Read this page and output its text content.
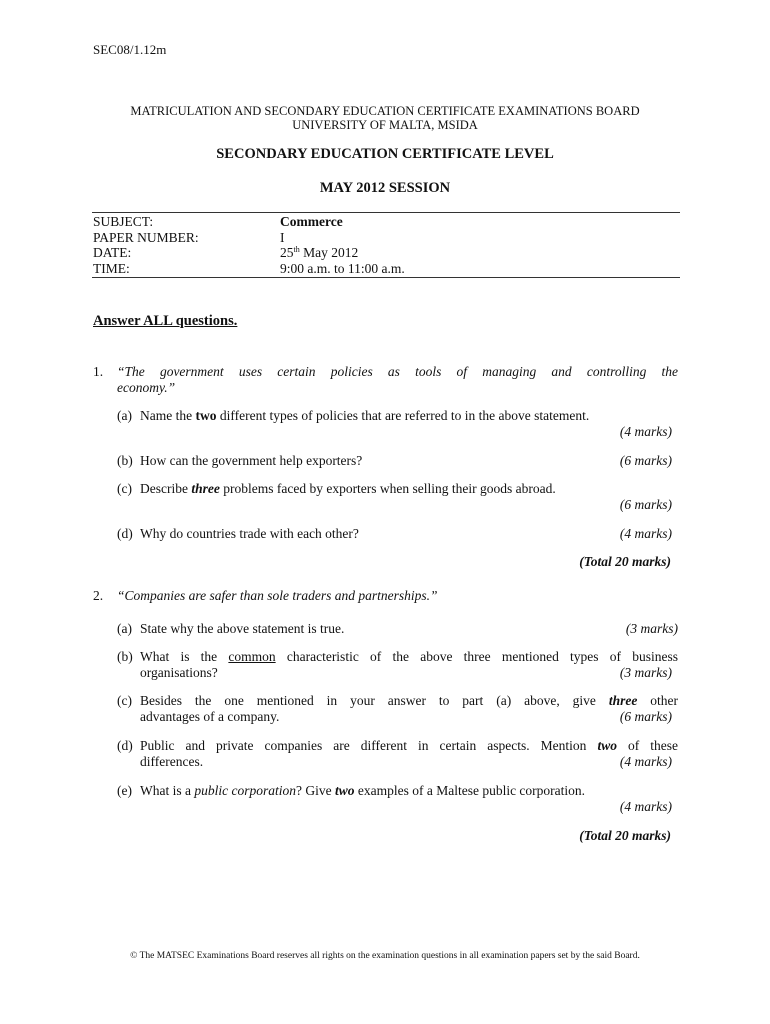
SEC08/1.12m
MATRICULATION AND SECONDARY EDUCATION CERTIFICATE EXAMINATIONS BOARD
UNIVERSITY OF MALTA, MSIDA
SECONDARY EDUCATION CERTIFICATE LEVEL
MAY 2012 SESSION
SUBJECT:	Commerce
PAPER NUMBER:	I
DATE:	25th May 2012
TIME:	9:00 a.m. to 11:00 a.m.
Answer ALL questions.
1. “The government uses certain policies as tools of managing and controlling the
economy.”
(a) Name the two different types of policies that are referred to in the above statement.
(4 marks)
(b) How can the government help exporters?	(6 marks)
(c) Describe three problems faced by exporters when selling their goods abroad.
(6 marks)
(d) Why do countries trade with each other?	(4 marks)
(Total 20 marks)
2. “Companies are safer than sole traders and partnerships.”
(a) State why the above statement is true.	(3 marks)
(b) What is the common characteristic of the above three mentioned types of business
organisations?	(3 marks)
(c) Besides the one mentioned in your answer to part (a) above, give three other
advantages of a company.	(6 marks)
(d) Public and private companies are different in certain aspects. Mention two of these
differences.	(4 marks)
(e) What is a public corporation? Give two examples of a Maltese public corporation.
(4 marks)
(Total 20 marks)
© The MATSEC Examinations Board reserves all rights on the examination questions in all examination papers set by the said Board.
